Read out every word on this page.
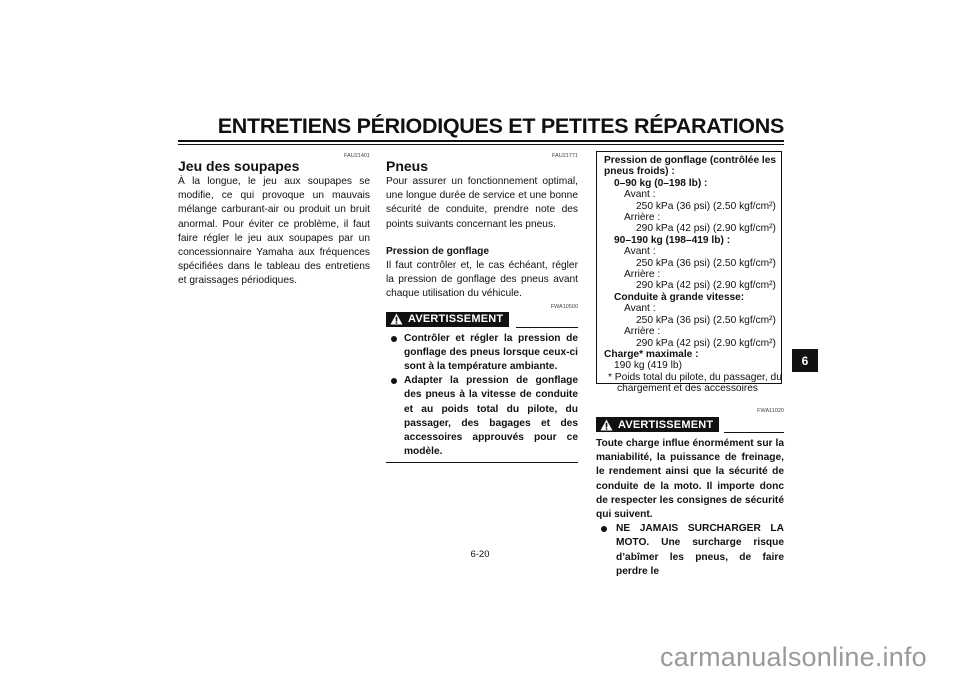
ENTRETIENS PÉRIODIQUES ET PETITES RÉPARATIONS
FAU21401
Jeu des soupapes
À la longue, le jeu aux soupapes se modifie, ce qui provoque un mauvais mélange carburant-air ou produit un bruit anormal. Pour éviter ce problème, il faut faire régler le jeu aux soupapes par un concessionnaire Yamaha aux fréquences spécifiées dans le tableau des entretiens et graissages périodiques.
FAU21771
Pneus
Pour assurer un fonctionnement optimal, une longue durée de service et une bonne sécurité de conduite, prendre note des points suivants concernant les pneus.
Pression de gonflage
Il faut contrôler et, le cas échéant, régler la pression de gonflage des pneus avant chaque utilisation du véhicule.
FWA10500
AVERTISSEMENT
Contrôler et régler la pression de gonflage des pneus lorsque ceux-ci sont à la température ambiante.
Adapter la pression de gonflage des pneus à la vitesse de conduite et au poids total du pilote, du passager, des bagages et des accessoires approuvés pour ce modèle.
Pression de gonflage (contrôlée les
pneus froids) :
0–90 kg (0–198 lb) :
Avant :
250 kPa (36 psi) (2.50 kgf/cm²)
Arrière :
290 kPa (42 psi) (2.90 kgf/cm²)
90–190 kg (198–419 lb) :
Avant :
250 kPa (36 psi) (2.50 kgf/cm²)
Arrière :
290 kPa (42 psi) (2.90 kgf/cm²)
Conduite à grande vitesse:
Avant :
250 kPa (36 psi) (2.50 kgf/cm²)
Arrière :
290 kPa (42 psi) (2.90 kgf/cm²)
Charge* maximale :
190 kg (419 lb)
* Poids total du pilote, du passager, du
chargement et des accessoires
FWA11020
AVERTISSEMENT
Toute charge influe énormément sur la maniabilité, la puissance de freinage, le rendement ainsi que la sécurité de conduite de la moto. Il importe donc de respecter les consignes de sécurité qui suivent.
NE JAMAIS SURCHARGER LA MOTO. Une surcharge risque d’abîmer les pneus, de faire perdre le
6
6-20
carmanualsonline.info
